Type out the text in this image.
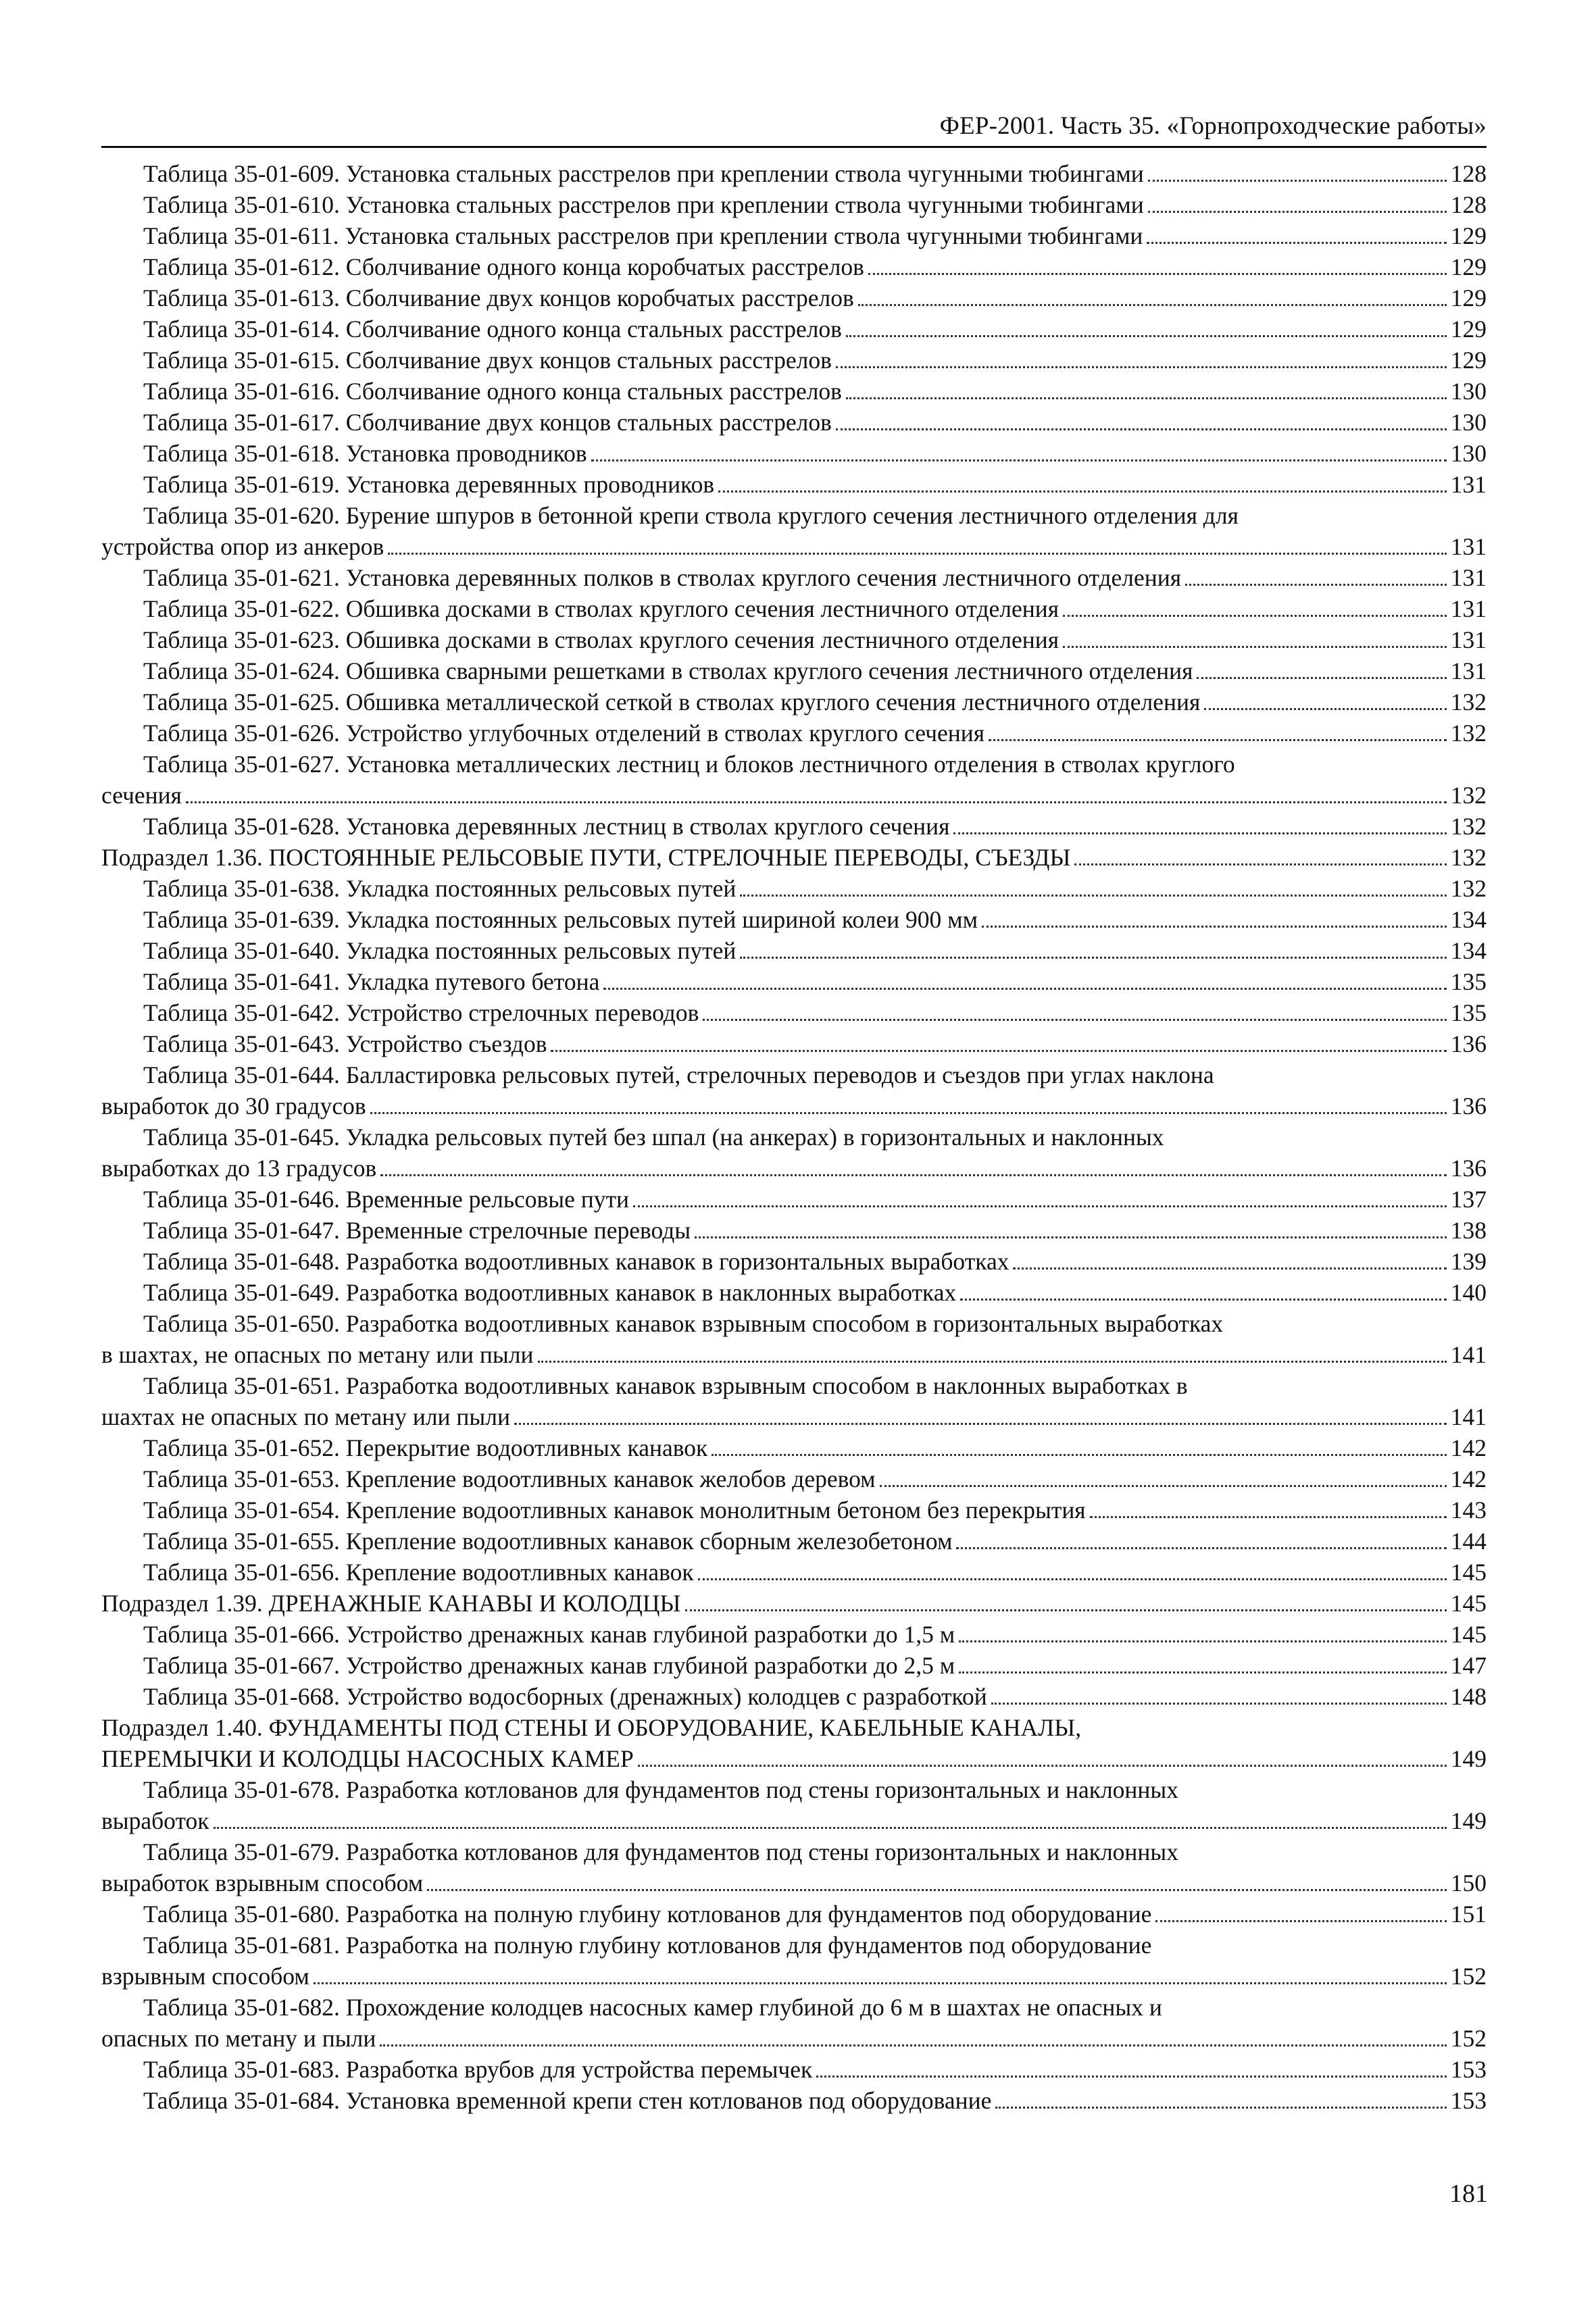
ФЕР-2001. Часть 35. «Горнопроходческие работы»
Таблица 35-01-609. Установка стальных расстрелов при креплении ствола чугунными тюбингами	128
Таблица 35-01-610. Установка стальных расстрелов при креплении ствола чугунными тюбингами	128
Таблица 35-01-611. Установка стальных расстрелов при креплении ствола чугунными тюбингами	129
Таблица 35-01-612. Сболчивание одного конца коробчатых расстрелов	129
Таблица 35-01-613. Сболчивание двух концов коробчатых расстрелов	129
Таблица 35-01-614. Сболчивание одного конца стальных расстрелов	129
Таблица 35-01-615. Сболчивание двух концов стальных расстрелов	129
Таблица 35-01-616. Сболчивание одного конца стальных расстрелов	130
Таблица 35-01-617. Сболчивание двух концов стальных расстрелов	130
Таблица 35-01-618. Установка проводников	130
Таблица 35-01-619. Установка деревянных проводников	131
Таблица 35-01-620. Бурение шпуров в бетонной крепи ствола круглого сечения лестничного отделения для
устройства опор из анкеров	131
Таблица 35-01-621. Установка деревянных полков в стволах круглого сечения лестничного отделения	131
Таблица 35-01-622. Обшивка досками в стволах круглого сечения лестничного отделения	131
Таблица 35-01-623. Обшивка досками в стволах круглого сечения лестничного отделения	131
Таблица 35-01-624. Обшивка сварными решетками в стволах круглого сечения лестничного отделения	131
Таблица 35-01-625. Обшивка металлической сеткой в стволах круглого сечения лестничного отделения	132
Таблица 35-01-626. Устройство углубочных отделений в стволах круглого сечения	132
Таблица 35-01-627. Установка металлических лестниц и блоков лестничного отделения в стволах круглого
сечения	132
Таблица 35-01-628. Установка деревянных лестниц в стволах круглого сечения	132
Подраздел 1.36. ПОСТОЯННЫЕ РЕЛЬСОВЫЕ ПУТИ, СТРЕЛОЧНЫЕ ПЕРЕВОДЫ, СЪЕЗДЫ	132
Таблица 35-01-638. Укладка постоянных рельсовых путей	132
Таблица 35-01-639. Укладка постоянных рельсовых путей шириной колеи 900 мм	134
Таблица 35-01-640. Укладка постоянных рельсовых путей	134
Таблица 35-01-641. Укладка путевого бетона	135
Таблица 35-01-642. Устройство стрелочных переводов	135
Таблица 35-01-643. Устройство съездов	136
Таблица 35-01-644. Балластировка рельсовых путей, стрелочных переводов и съездов при углах наклона
выработок до 30 градусов	136
Таблица 35-01-645. Укладка рельсовых путей без шпал (на анкерах) в горизонтальных и наклонных
выработках до 13 градусов	136
Таблица 35-01-646. Временные рельсовые пути	137
Таблица 35-01-647. Временные стрелочные переводы	138
Таблица 35-01-648. Разработка водоотливных канавок в горизонтальных выработках	139
Таблица 35-01-649. Разработка водоотливных канавок в наклонных выработках	140
Таблица 35-01-650. Разработка водоотливных канавок взрывным способом в горизонтальных выработках
в шахтах, не опасных по метану или пыли	141
Таблица 35-01-651. Разработка водоотливных канавок взрывным способом в наклонных выработках в
шахтах не опасных по метану или пыли	141
Таблица 35-01-652. Перекрытие водоотливных канавок	142
Таблица 35-01-653. Крепление водоотливных канавок желобов деревом	142
Таблица 35-01-654. Крепление водоотливных канавок монолитным бетоном без перекрытия	143
Таблица 35-01-655. Крепление водоотливных канавок сборным железобетоном	144
Таблица 35-01-656. Крепление водоотливных канавок	145
Подраздел 1.39. ДРЕНАЖНЫЕ КАНАВЫ И КОЛОДЦЫ	145
Таблица 35-01-666. Устройство дренажных канав глубиной разработки до 1,5 м	145
Таблица 35-01-667. Устройство дренажных канав глубиной разработки до 2,5 м	147
Таблица 35-01-668. Устройство водосборных (дренажных) колодцев с разработкой	148
Подраздел 1.40. ФУНДАМЕНТЫ ПОД СТЕНЫ И ОБОРУДОВАНИЕ, КАБЕЛЬНЫЕ КАНАЛЫ,
ПЕРЕМЫЧКИ И КОЛОДЦЫ НАСОСНЫХ КАМЕР	149
Таблица 35-01-678. Разработка котлованов для фундаментов под стены горизонтальных и наклонных
выработок	149
Таблица 35-01-679. Разработка котлованов для фундаментов под стены горизонтальных и наклонных
выработок взрывным способом	150
Таблица 35-01-680. Разработка на полную глубину котлованов для фундаментов под оборудование	151
Таблица 35-01-681. Разработка на полную глубину котлованов для фундаментов под оборудование
взрывным способом	152
Таблица 35-01-682. Прохождение колодцев насосных камер глубиной до 6 м в шахтах не опасных и
опасных по метану и пыли	152
Таблица 35-01-683. Разработка врубов для устройства перемычек	153
Таблица 35-01-684. Установка временной крепи стен котлованов под оборудование	153
181
